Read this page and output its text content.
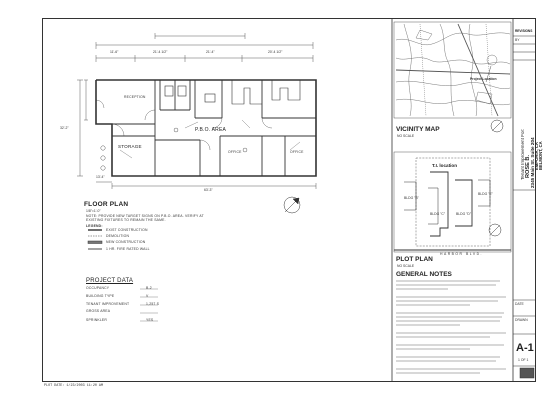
11'-6"	21'-4 1/2"	21'-4"	20'-4 1/2"
32'-2"
13'-4"
63'-3"
RECEPTION
STORAGE
P.B.O. AREA
OFFICE	OFFICE
FLOOR PLAN
1/8"=1'-0"
NOTE: PROVIDE NEW TARGET SIGNS ON P.B.O. AREA. VERIFY AT EXISTING FIXTURES TO REMAIN THE SAME.
LEGEND:
EXIST CONSTRUCTION
DEMOLITION
NEW CONSTRUCTION
1 HR. FIRE RATED WALL
PROJECT DATA
OCCUPANCY	B-2
BUILDING TYPE	V
TENANT IMPROVEMENT	1,257 S
GROSS AREA
SPRINKLER	YES
Project Location
VICINITY MAP
NO SCALE
T.I. location
BLDG "B"
BLDG "C"	BLDG "D"
BLDG "E"
HARBOR BLVD.
PLOT PLAN
NO SCALE
GENERAL NOTES
REVISIONS
BY
Tenant Improvement For: ROSE B. 2345 Main St. Suite 204 EMPORIA, CA BELMONT, CA
DATE
DRAWN
A-1
1 OF 1
PLOT DATE: 1/23/2003 11:20 AM
